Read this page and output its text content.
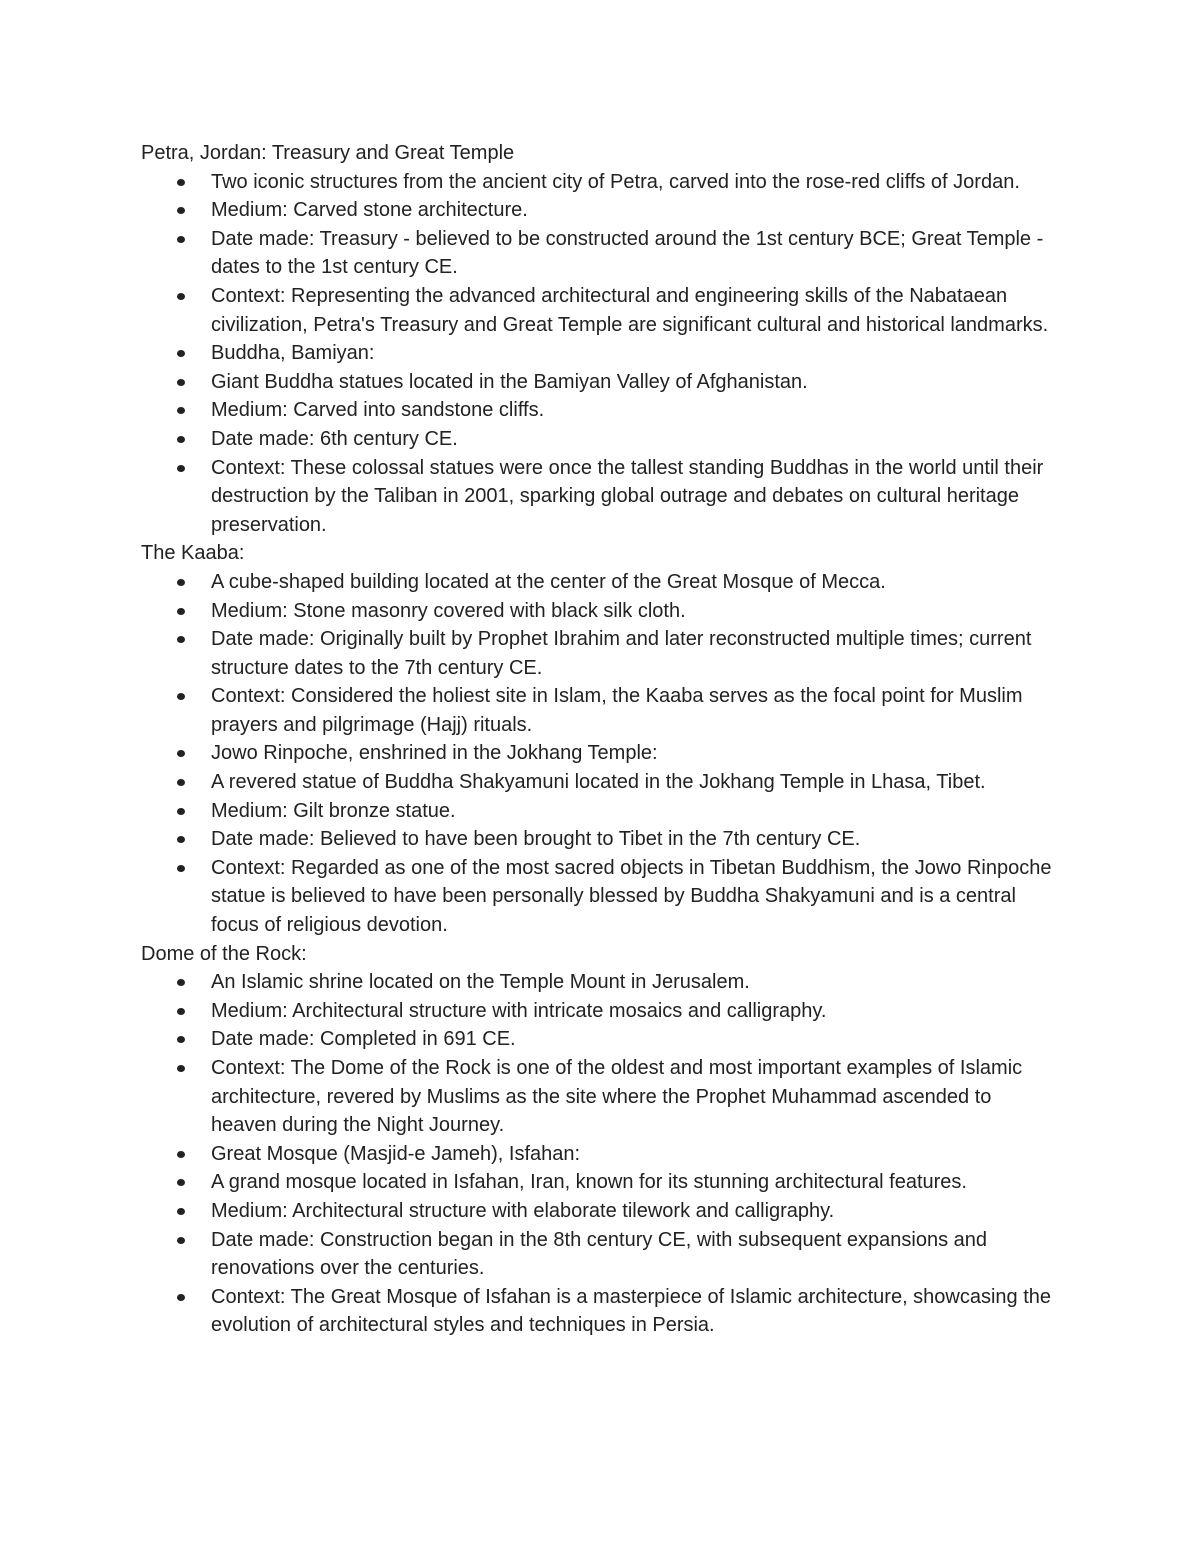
Petra, Jordan: Treasury and Great Temple
Two iconic structures from the ancient city of Petra, carved into the rose-red cliffs of Jordan.
Medium: Carved stone architecture.
Date made: Treasury - believed to be constructed around the 1st century BCE; Great Temple - dates to the 1st century CE.
Context: Representing the advanced architectural and engineering skills of the Nabataean civilization, Petra's Treasury and Great Temple are significant cultural and historical landmarks.
Buddha, Bamiyan:
Giant Buddha statues located in the Bamiyan Valley of Afghanistan.
Medium: Carved into sandstone cliffs.
Date made: 6th century CE.
Context: These colossal statues were once the tallest standing Buddhas in the world until their destruction by the Taliban in 2001, sparking global outrage and debates on cultural heritage preservation.
The Kaaba:
A cube-shaped building located at the center of the Great Mosque of Mecca.
Medium: Stone masonry covered with black silk cloth.
Date made: Originally built by Prophet Ibrahim and later reconstructed multiple times; current structure dates to the 7th century CE.
Context: Considered the holiest site in Islam, the Kaaba serves as the focal point for Muslim prayers and pilgrimage (Hajj) rituals.
Jowo Rinpoche, enshrined in the Jokhang Temple:
A revered statue of Buddha Shakyamuni located in the Jokhang Temple in Lhasa, Tibet.
Medium: Gilt bronze statue.
Date made: Believed to have been brought to Tibet in the 7th century CE.
Context: Regarded as one of the most sacred objects in Tibetan Buddhism, the Jowo Rinpoche statue is believed to have been personally blessed by Buddha Shakyamuni and is a central focus of religious devotion.
Dome of the Rock:
An Islamic shrine located on the Temple Mount in Jerusalem.
Medium: Architectural structure with intricate mosaics and calligraphy.
Date made: Completed in 691 CE.
Context: The Dome of the Rock is one of the oldest and most important examples of Islamic architecture, revered by Muslims as the site where the Prophet Muhammad ascended to heaven during the Night Journey.
Great Mosque (Masjid-e Jameh), Isfahan:
A grand mosque located in Isfahan, Iran, known for its stunning architectural features.
Medium: Architectural structure with elaborate tilework and calligraphy.
Date made: Construction began in the 8th century CE, with subsequent expansions and renovations over the centuries.
Context: The Great Mosque of Isfahan is a masterpiece of Islamic architecture, showcasing the evolution of architectural styles and techniques in Persia.
